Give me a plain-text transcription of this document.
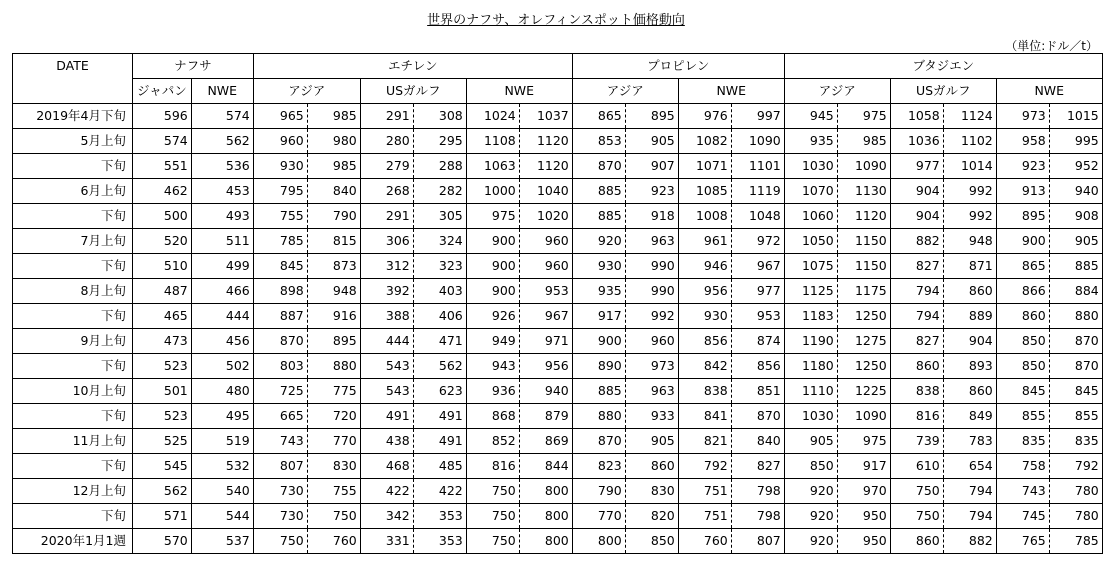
世界のナフサ、オレフィンスポット価格動向
（単位:ドル／t）
DATE	ナフサ		エチレン						プロピレン				ブタジエン					
	ジャパン	NWE	アジア		USガルフ		NWE		アジア		NWE		アジア		USガルフ		NWE	
2019年4月下旬	596	574	965	985	291	308	1024	1037	865	895	976	997	945	975	1058	1124	973	1015
5月上旬	574	562	960	980	280	295	1108	1120	853	905	1082	1090	935	985	1036	1102	958	995
下旬	551	536	930	985	279	288	1063	1120	870	907	1071	1101	1030	1090	977	1014	923	952
6月上旬	462	453	795	840	268	282	1000	1040	885	923	1085	1119	1070	1130	904	992	913	940
下旬	500	493	755	790	291	305	975	1020	885	918	1008	1048	1060	1120	904	992	895	908
7月上旬	520	511	785	815	306	324	900	960	920	963	961	972	1050	1150	882	948	900	905
下旬	510	499	845	873	312	323	900	960	930	990	946	967	1075	1150	827	871	865	885
8月上旬	487	466	898	948	392	403	900	953	935	990	956	977	1125	1175	794	860	866	884
下旬	465	444	887	916	388	406	926	967	917	992	930	953	1183	1250	794	889	860	880
9月上旬	473	456	870	895	444	471	949	971	900	960	856	874	1190	1275	827	904	850	870
下旬	523	502	803	880	543	562	943	956	890	973	842	856	1180	1250	860	893	850	870
10月上旬	501	480	725	775	543	623	936	940	885	963	838	851	1110	1225	838	860	845	845
下旬	523	495	665	720	491	491	868	879	880	933	841	870	1030	1090	816	849	855	855
11月上旬	525	519	743	770	438	491	852	869	870	905	821	840	905	975	739	783	835	835
下旬	545	532	807	830	468	485	816	844	823	860	792	827	850	917	610	654	758	792
12月上旬	562	540	730	755	422	422	750	800	790	830	751	798	920	970	750	794	743	780
下旬	571	544	730	750	342	353	750	800	770	820	751	798	920	950	750	794	745	780
2020年1月1週	570	537	750	760	331	353	750	800	800	850	760	807	920	950	860	882	765	785
